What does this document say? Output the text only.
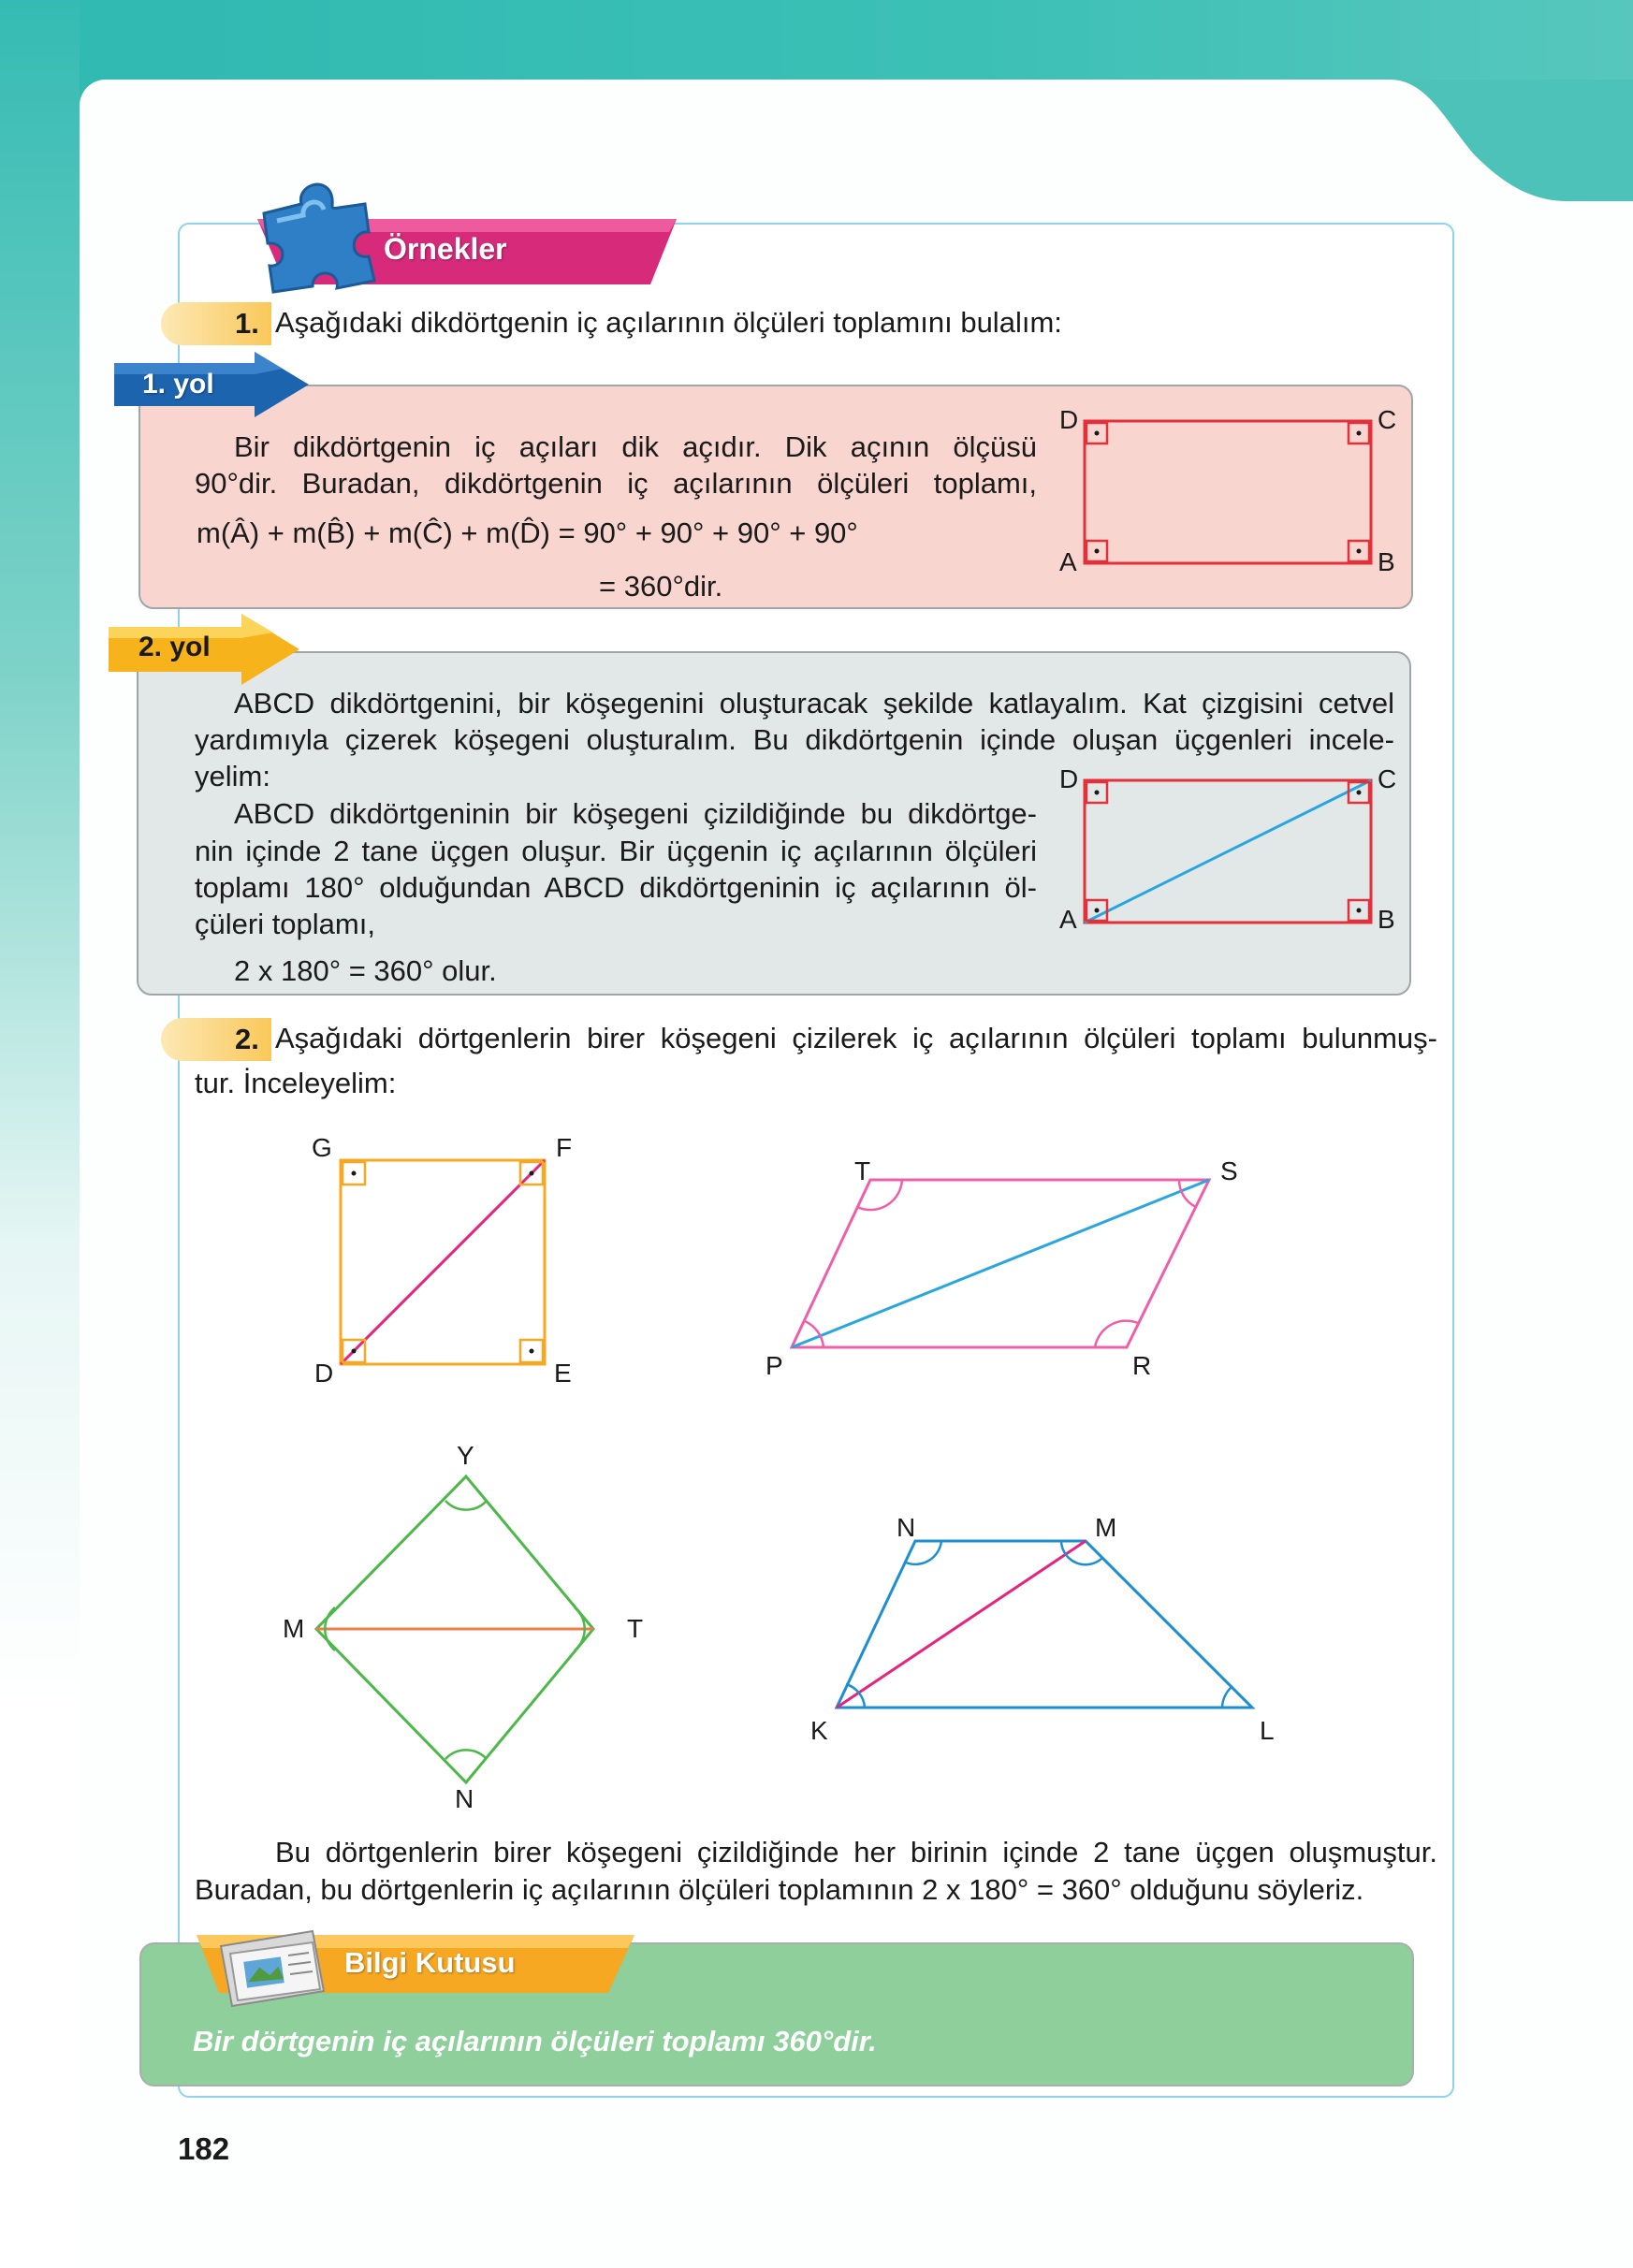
Örnekler
1. Aşağıdaki dikdörtgenin iç açılarının ölçüleri toplamını bulalım:
1. yol
Bir dikdörtgenin iç açıları dik açıdır. Dik açının ölçüsü
90°dir. Buradan, dikdörtgenin iç açılarının ölçüleri toplamı,
m(Â) + m(B̂) + m(Ĉ) + m(D̂) = 90° + 90° + 90° + 90°
= 360°dir.
D	C
A	B
2. yol
ABCD dikdörtgenini, bir köşegenini oluşturacak şekilde katlayalım. Kat çizgisini cetvel
yardımıyla çizerek köşegeni oluşturalım. Bu dikdörtgenin içinde oluşan üçgenleri incele-
yelim:
ABCD dikdörtgeninin bir köşegeni çizildiğinde bu dikdörtge-
nin içinde 2 tane üçgen oluşur. Bir üçgenin iç açılarının ölçüleri
toplamı 180° olduğundan ABCD dikdörtgeninin iç açılarının öl-
çüleri toplamı,
2 x 180° = 360° olur.
D	C
A	B
2. Aşağıdaki dörtgenlerin birer köşegeni çizilerek iç açılarının ölçüleri toplamı bulunmuş-
tur. İnceleyelim:
G	F
D	E
T	S
P	R
Y
M	T
N
N	M
K	L
Bu dörtgenlerin birer köşegeni çizildiğinde her birinin içinde 2 tane üçgen oluşmuştur.
Buradan, bu dörtgenlerin iç açılarının ölçüleri toplamının 2 x 180° = 360° olduğunu söyleriz.
Bilgi Kutusu
Bir dörtgenin iç açılarının ölçüleri toplamı 360°dir.
182
